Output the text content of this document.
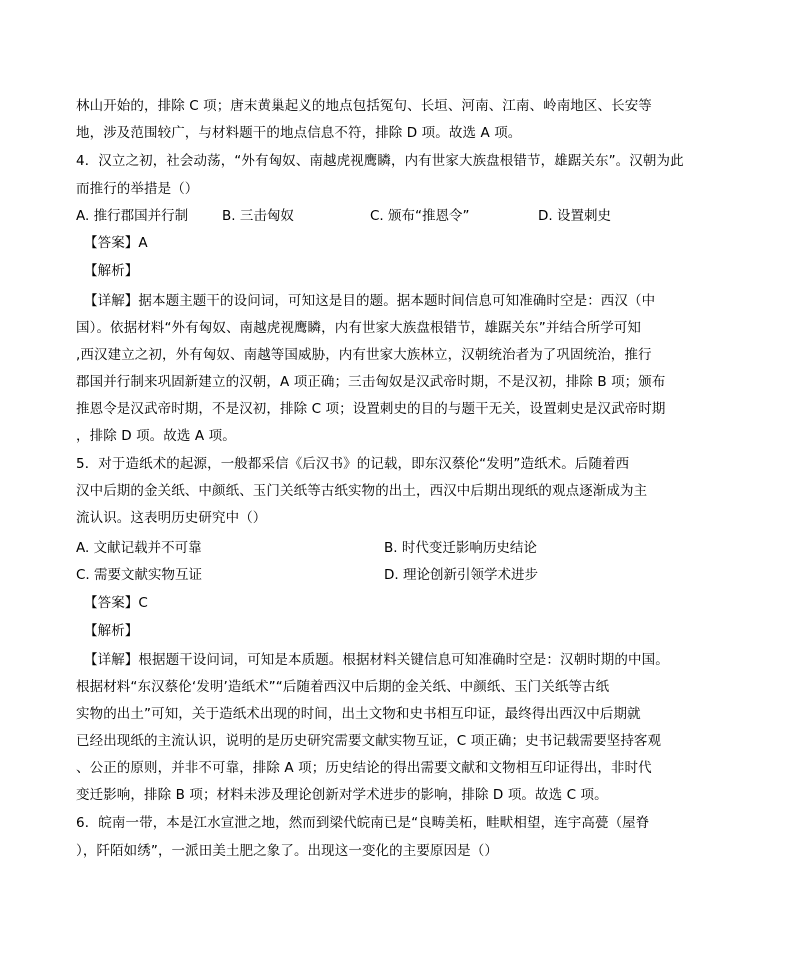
林山开始的，排除 C 项；唐末黄巢起义的地点包括冤句、长垣、河南、江南、岭南地区、长安等
地，涉及范围较广，与材料题干的地点信息不符，排除 D 项。故选 A 项。
4．汉立之初，社会动荡，“外有匈奴、南越虎视鹰瞵，内有世家大族盘根错节，雄踞关东”。汉朝为此
而推行的举措是（）
A. 推行郡国并行制	B. 三击匈奴	C. 颁布“推恩令”	D. 设置刺史
【答案】A
【解析】
【详解】据本题主题干的设问词，可知这是目的题。据本题时间信息可知准确时空是：西汉（中
国）。依据材料“外有匈奴、南越虎视鹰瞵，内有世家大族盘根错节，雄踞关东”并结合所学可知
,西汉建立之初，外有匈奴、南越等国威胁，内有世家大族林立，汉朝统治者为了巩固统治，推行
郡国并行制来巩固新建立的汉朝，A 项正确；三击匈奴是汉武帝时期，不是汉初，排除 B 项；颁布
推恩令是汉武帝时期，不是汉初，排除 C 项；设置刺史的目的与题干无关，设置刺史是汉武帝时期
，排除 D 项。故选 A 项。
5．对于造纸术的起源，一般都采信《后汉书》的记载，即东汉蔡伦“发明”造纸术。后随着西
汉中后期的金关纸、中颜纸、玉门关纸等古纸实物的出土，西汉中后期出现纸的观点逐渐成为主
流认识。这表明历史研究中（）
A. 文献记载并不可靠	B. 时代变迁影响历史结论
C. 需要文献实物互证	D. 理论创新引领学术进步
【答案】C
【解析】
【详解】根据题干设问词，可知是本质题。根据材料关键信息可知准确时空是：汉朝时期的中国。
根据材料“东汉蔡伦‘发明’造纸术”“后随着西汉中后期的金关纸、中颜纸、玉门关纸等古纸
实物的出土”可知，关于造纸术出现的时间，出土文物和史书相互印证，最终得出西汉中后期就
已经出现纸的主流认识，说明的是历史研究需要文献实物互证，C 项正确；史书记载需要坚持客观
、公正的原则，并非不可靠，排除 A 项；历史结论的得出需要文献和文物相互印证得出，非时代
变迁影响，排除 B 项；材料未涉及理论创新对学术进步的影响，排除 D 项。故选 C 项。
6．皖南一带，本是江水宣泄之地，然而到梁代皖南已是“良畴美柘，畦畎相望，连宇高甍（屋脊
），阡陌如绣”，一派田美土肥之象了。出现这一变化的主要原因是（）
